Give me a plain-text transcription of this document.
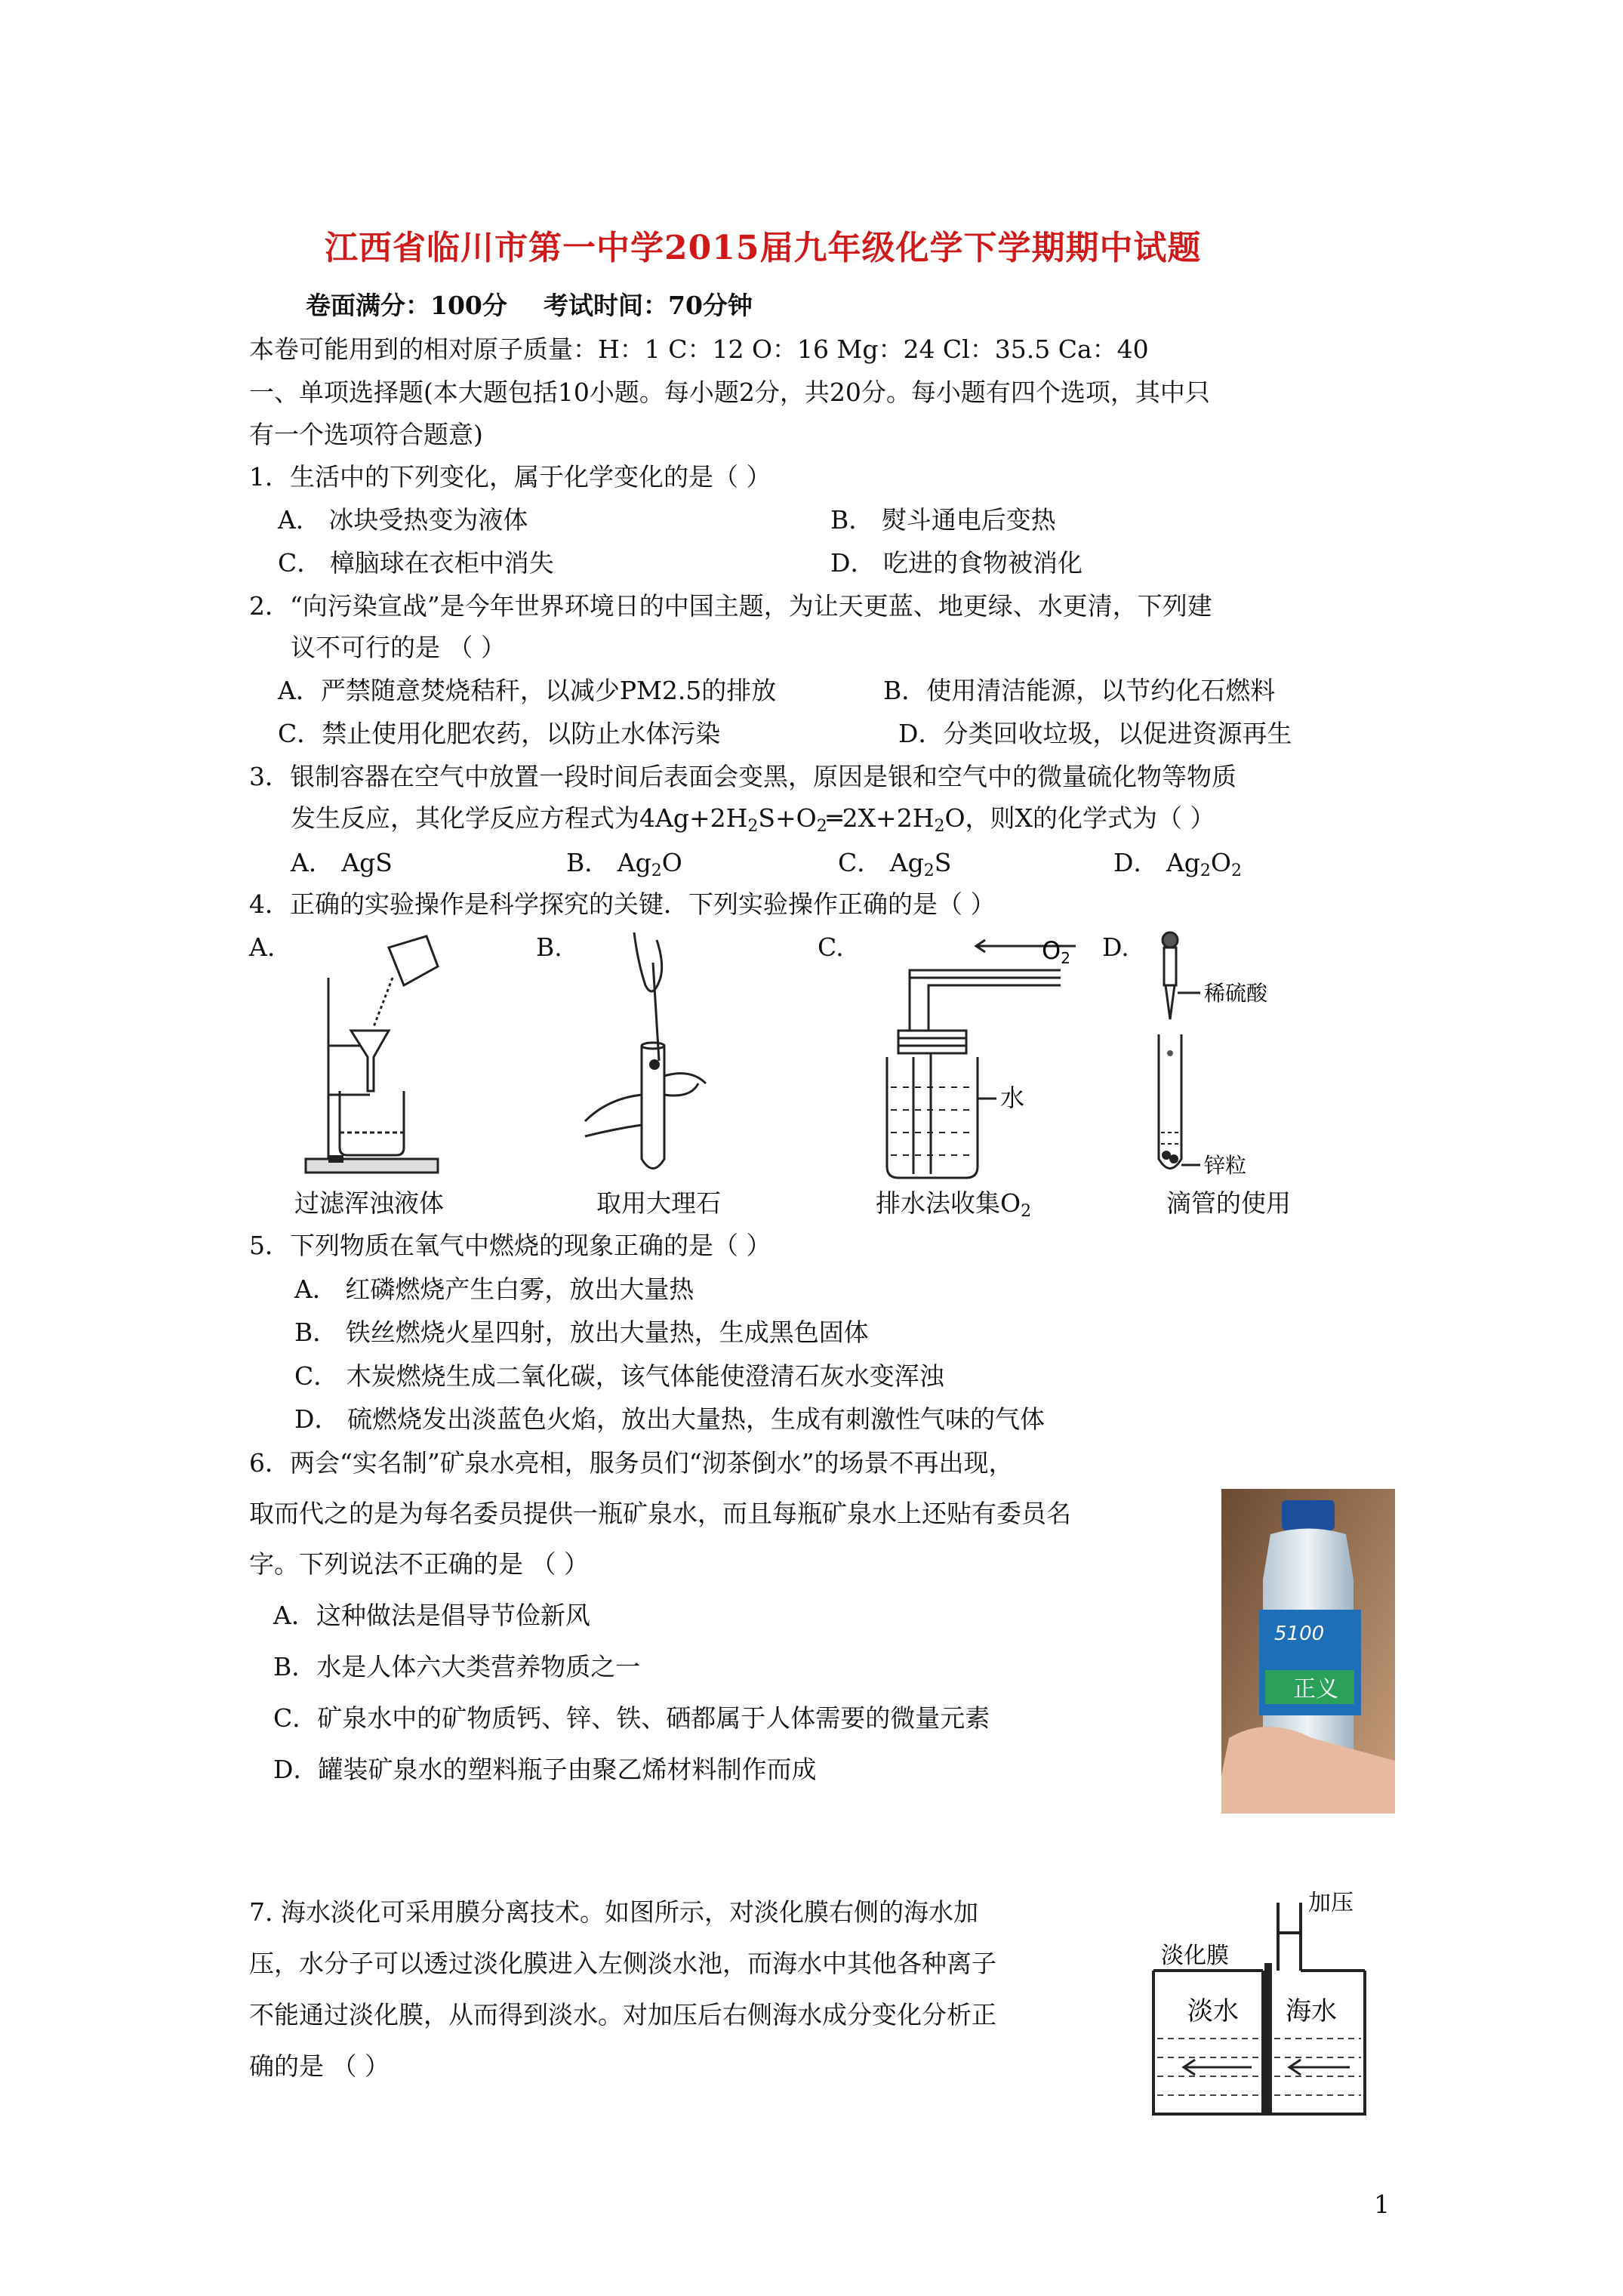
江西省临川市第一中学2015届九年级化学下学期期中试题
卷面满分：100分 考试时间：70分钟
本卷可能用到的相对原子质量：H：1 C：12 O：16 Mg：24 Cl：35.5 Ca：40
一、单项选择题(本大题包括10小题。每小题2分，共20分。每小题有四个选项，其中只
有一个选项符合题意)
1．生活中的下列变化，属于化学变化的是（ ）
A． 冰块受热变为液体	B． 熨斗通电后变热
C． 樟脑球在衣柜中消失	D． 吃进的食物被消化
2．“向污染宣战”是今年世界环境日的中国主题，为让天更蓝、地更绿、水更清，下列建
议不可行的是 （ ）
A．严禁随意焚烧秸秆，以减少PM2.5的排放	B．使用清洁能源，以节约化石燃料
C．禁止使用化肥农药，以防止水体污染	D．分类回收垃圾，以促进资源再生
3．银制容器在空气中放置一段时间后表面会变黑，原因是银和空气中的微量硫化物等物质
发生反应，其化学反应方程式为$4Ag+2H_2S+O_2═2X+2H_2O$，则X的化学式为（ ）
A． AgS	B． $Ag_2O$	C． $Ag_2S$	D． $Ag_2O_2$
4．正确的实验操作是科学探究的关键．下列实验操作正确的是（ ）
A.	B.	C.	D.
过滤浑浊液体	取用大理石
O2
水
排水法收集$O_2$
稀硫酸
锌粒
滴管的使用
5．下列物质在氧气中燃烧的现象正确的是（ ）
A． 红磷燃烧产生白雾，放出大量热
B． 铁丝燃烧火星四射，放出大量热，生成黑色固体
C． 木炭燃烧生成二氧化碳，该气体能使澄清石灰水变浑浊
D． 硫燃烧发出淡蓝色火焰，放出大量热，生成有刺激性气味的气体
6．两会“实名制”矿泉水亮相，服务员们“沏茶倒水”的场景不再出现，
取而代之的是为每名委员提供一瓶矿泉水，而且每瓶矿泉水上还贴有委员名
字。下列说法不正确的是 （ ）
A．这种做法是倡导节俭新风
B．水是人体六大类营养物质之一
C．矿泉水中的矿物质钙、锌、铁、硒都属于人体需要的微量元素
D．罐装矿泉水的塑料瓶子由聚乙烯材料制作而成
5100
正义
7. 海水淡化可采用膜分离技术。如图所示，对淡化膜右侧的海水加
压，水分子可以透过淡化膜进入左侧淡水池，而海水中其他各种离子
不能通过淡化膜，从而得到淡水。对加压后右侧海水成分变化分析正
确的是 （ ）
加压
淡化膜
淡水 海水
1
